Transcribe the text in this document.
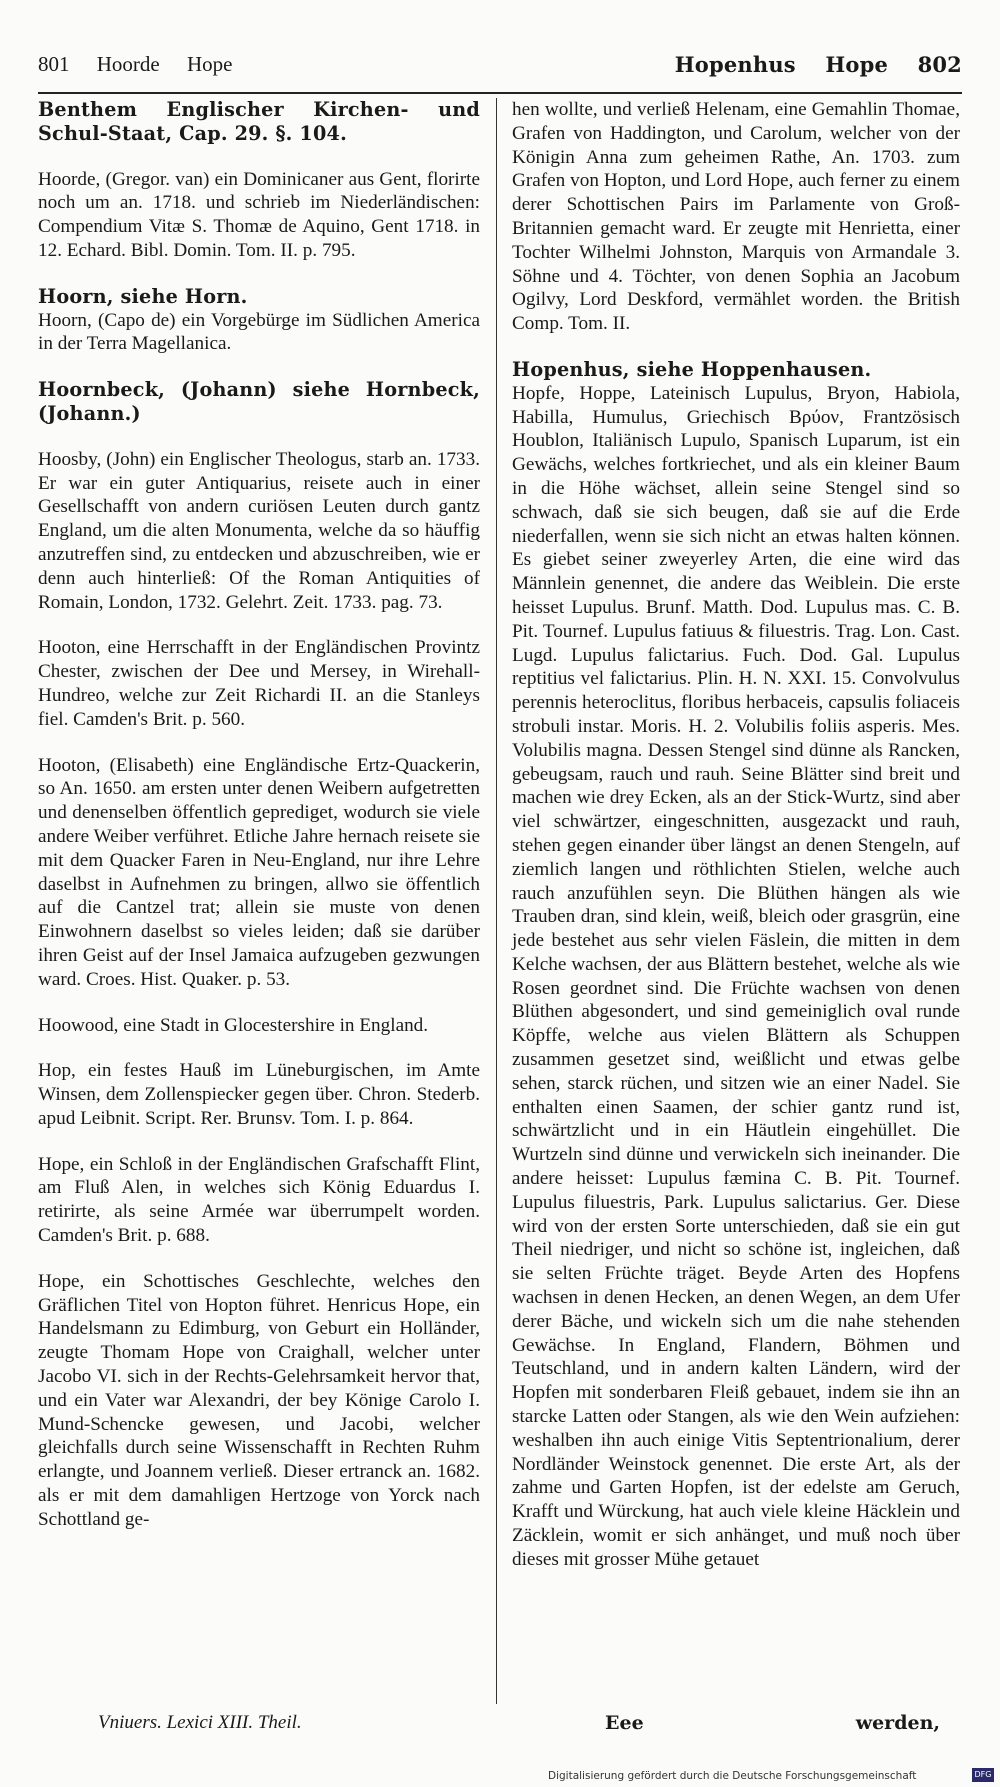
801 Hoorde Hope	Hopenhus Hope 802

Benthem Englischer Kirchen- und Schul-Staat, Cap. 29. §. 104.

Hoorde, (Gregor. van) ein Dominicaner aus Gent, florirte noch um an. 1718. und schrieb im Niederländischen: Compendium Vitæ S. Thomæ de Aquino, Gent 1718. in 12. Echard. Bibl. Domin. Tom. II. p. 795.

Hoorn, siehe Horn.

Hoorn, (Capo de) ein Vorgebürge im Südlichen America in der Terra Magellanica.

Hoornbeck, (Johann) siehe Hornbeck, (Johann.)

Hoosby, (John) ein Englischer Theologus, starb an. 1733. Er war ein guter Antiquarius, reisete auch in einer Gesellschafft von andern curiösen Leuten durch gantz England, um die alten Monumenta, welche da so häuffig anzutreffen sind, zu entdecken und abzuschreiben, wie er denn auch hinterließ: Of the Roman Antiquities of Romain, London, 1732. Gelehrt. Zeit. 1733. pag. 73.

Hooton, eine Herrschafft in der Engländischen Provintz Chester, zwischen der Dee und Mersey, in Wirehall-Hundreo, welche zur Zeit Richardi II. an die Stanleys fiel. Camden's Brit. p. 560.

Hooton, (Elisabeth) eine Engländische Ertz-Quackerin, so An. 1650. am ersten unter denen Weibern aufgetretten und denenselben öffentlich geprediget, wodurch sie viele andere Weiber verführet. Etliche Jahre hernach reisete sie mit dem Quacker Faren in Neu-England, nur ihre Lehre daselbst in Aufnehmen zu bringen, allwo sie öffentlich auf die Cantzel trat; allein sie muste von denen Einwohnern daselbst so vieles leiden; daß sie darüber ihren Geist auf der Insel Jamaica aufzugeben gezwungen ward. Croes. Hist. Quaker. p. 53.

Hoowood, eine Stadt in Glocestershire in England.

Hop, ein festes Hauß im Lüneburgischen, im Amte Winsen, dem Zollenspiecker gegen über. Chron. Stederb. apud Leibnit. Script. Rer. Brunsv. Tom. I. p. 864.

Hope, ein Schloß in der Engländischen Grafschafft Flint, am Fluß Alen, in welches sich König Eduardus I. retirirte, als seine Armée war überrumpelt worden. Camden's Brit. p. 688.

Hope, ein Schottisches Geschlechte, welches den Gräflichen Titel von Hopton führet. Henricus Hope, ein Handelsmann zu Edimburg, von Geburt ein Holländer, zeugte Thomam Hope von Craighall, welcher unter Jacobo VI. sich in der Rechts-Gelehrsamkeit hervor that, und ein Vater war Alexandri, der bey Könige Carolo I. Mund-Schencke gewesen, und Jacobi, welcher gleichfalls durch seine Wissenschafft in Rechten Ruhm erlangte, und Joannem verließ. Dieser ertranck an. 1682. als er mit dem damahligen Hertzoge von Yorck nach Schottland ge-

hen wollte, und verließ Helenam, eine Gemahlin Thomae, Grafen von Haddington, und Carolum, welcher von der Königin Anna zum geheimen Rathe, An. 1703. zum Grafen von Hopton, und Lord Hope, auch ferner zu einem derer Schottischen Pairs im Parlamente von Groß-Britannien gemacht ward. Er zeugte mit Henrietta, einer Tochter Wilhelmi Johnston, Marquis von Armandale 3. Söhne und 4. Töchter, von denen Sophia an Jacobum Ogilvy, Lord Deskford, vermählet worden. the British Comp. Tom. II.

Hopenhus, siehe Hoppenhausen.

Hopfe, Hoppe, Lateinisch Lupulus, Bryon, Habiola, Habilla, Humulus, Griechisch Βρύον, Frantzösisch Houblon, Italiänisch Lupulo, Spanisch Luparum, ist ein Gewächs, welches fortkriechet, und als ein kleiner Baum in die Höhe wächset, allein seine Stengel sind so schwach, daß sie sich beugen, daß sie auf die Erde niederfallen, wenn sie sich nicht an etwas halten können. Es giebet seiner zweyerley Arten, die eine wird das Männlein genennet, die andere das Weiblein. Die erste heisset Lupulus. Brunf. Matth. Dod. Lupulus mas. C. B. Pit. Tournef. Lupulus fatiuus & filuestris. Trag. Lon. Cast. Lugd. Lupulus falictarius. Fuch. Dod. Gal. Lupulus reptitius vel falictarius. Plin. H. N. XXI. 15. Convolvulus perennis heteroclitus, floribus herbaceis, capsulis foliaceis strobuli instar. Moris. H. 2. Volubilis foliis asperis. Mes. Volubilis magna. Dessen Stengel sind dünne als Rancken, gebeugsam, rauch und rauh. Seine Blätter sind breit und machen wie drey Ecken, als an der Stick-Wurtz, sind aber viel schwärtzer, eingeschnitten, ausgezackt und rauh, stehen gegen einander über längst an denen Stengeln, auf ziemlich langen und röthlichten Stielen, welche auch rauch anzufühlen seyn. Die Blüthen hängen als wie Trauben dran, sind klein, weiß, bleich oder grasgrün, eine jede bestehet aus sehr vielen Fäslein, die mitten in dem Kelche wachsen, der aus Blättern bestehet, welche als wie Rosen geordnet sind. Die Früchte wachsen von denen Blüthen abgesondert, und sind gemeiniglich oval runde Köpffe, welche aus vielen Blättern als Schuppen zusammen gesetzet sind, weißlicht und etwas gelbe sehen, starck rüchen, und sitzen wie an einer Nadel. Sie enthalten einen Saamen, der schier gantz rund ist, schwärtzlicht und in ein Häutlein eingehüllet. Die Wurtzeln sind dünne und verwickeln sich ineinander. Die andere heisset: Lupulus fæmina C. B. Pit. Tournef. Lupulus filuestris, Park. Lupulus salictarius. Ger. Diese wird von der ersten Sorte unterschieden, daß sie ein gut Theil niedriger, und nicht so schöne ist, ingleichen, daß sie selten Früchte träget. Beyde Arten des Hopfens wachsen in denen Hecken, an denen Wegen, an dem Ufer derer Bäche, und wickeln sich um die nahe stehenden Gewächse. In England, Flandern, Böhmen und Teutschland, und in andern kalten Ländern, wird der Hopfen mit sonderbaren Fleiß gebauet, indem sie ihn an starcke Latten oder Stangen, als wie den Wein aufziehen: weshalben ihn auch einige Vitis Septentrionalium, derer Nordländer Weinstock genennet. Die erste Art, als der zahme und Garten Hopfen, ist der edelste am Geruch, Krafft und Würckung, hat auch viele kleine Häcklein und Zäcklein, womit er sich anhänget, und muß noch über dieses mit grosser Mühe getauet

Vniuers. Lexici XIII. Theil.	Eee	werden,
Digitalisierung gefördert durch die Deutsche Forschungsgemeinschaft	DFG
